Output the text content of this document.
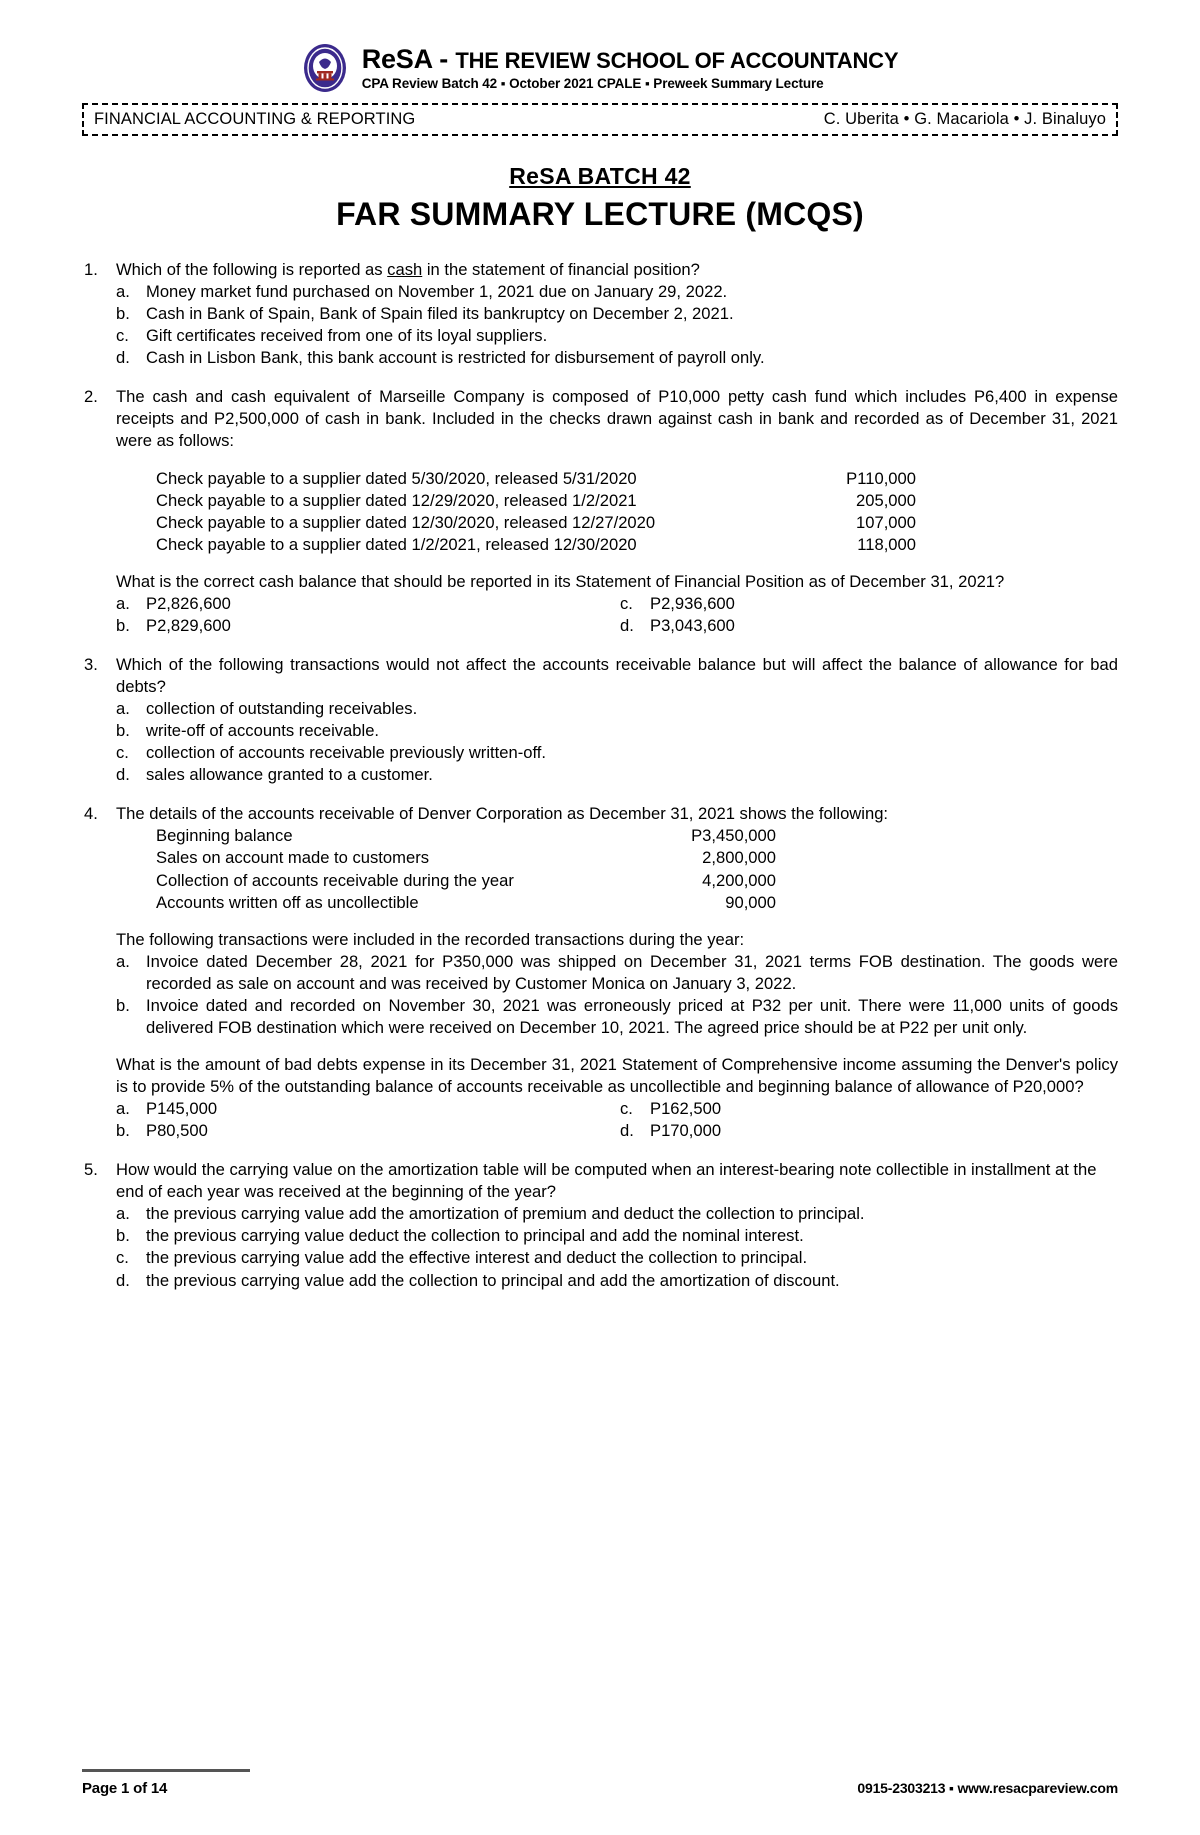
ReSA - THE REVIEW SCHOOL OF ACCOUNTANCY
CPA Review Batch 42 ▪ October 2021 CPALE ▪ Preweek Summary Lecture
FINANCIAL ACCOUNTING & REPORTING	C. Uberita • G. Macariola • J. Binaluyo
ReSA BATCH 42
FAR SUMMARY LECTURE (MCQS)
1.	Which of the following is reported as cash in the statement of financial position?
a. Money market fund purchased on November 1, 2021 due on January 29, 2022.
b. Cash in Bank of Spain, Bank of Spain filed its bankruptcy on December 2, 2021.
c.	Gift certificates received from one of its loyal suppliers.
d. Cash in Lisbon Bank, this bank account is restricted for disbursement of payroll only.
2.	The cash and cash equivalent of Marseille Company is composed of P10,000 petty cash fund which includes P6,400 in expense receipts and P2,500,000 of cash in bank. Included in the checks drawn against cash in bank and recorded as of December 31, 2021 were as follows:
Check payable to a supplier dated 5/30/2020, released 5/31/2020	P110,000
Check payable to a supplier dated 12/29/2020, released 1/2/2021	205,000
Check payable to a supplier dated 12/30/2020, released 12/27/2020	107,000
Check payable to a supplier dated 1/2/2021, released 12/30/2020	118,000
What is the correct cash balance that should be reported in its Statement of Financial Position as of December 31, 2021?
a. P2,826,600	c.	P2,936,600
b. P2,829,600	d. P3,043,600
3.	Which of the following transactions would not affect the accounts receivable balance but will affect the balance of allowance for bad debts?
a. collection of outstanding receivables.
b. write-off of accounts receivable.
c.	collection of accounts receivable previously written-off.
d. sales allowance granted to a customer.
4.	The details of the accounts receivable of Denver Corporation as December 31, 2021 shows the following:
Beginning balance	P3,450,000
Sales on account made to customers	2,800,000
Collection of accounts receivable during the year	4,200,000
Accounts written off as uncollectible	90,000
The following transactions were included in the recorded transactions during the year:
a. Invoice dated December 28, 2021 for P350,000 was shipped on December 31, 2021 terms FOB destination. The goods were recorded as sale on account and was received by Customer Monica on January 3, 2022.
b. Invoice dated and recorded on November 30, 2021 was erroneously priced at P32 per unit. There were 11,000 units of goods delivered FOB destination which were received on December 10, 2021. The agreed price should be at P22 per unit only.
What is the amount of bad debts expense in its December 31, 2021 Statement of Comprehensive income assuming the Denver's policy is to provide 5% of the outstanding balance of accounts receivable as uncollectible and beginning balance of allowance of P20,000?
a. P145,000	c.	P162,500
b. P80,500	d. P170,000
5.	How would the carrying value on the amortization table will be computed when an interest-bearing note collectible in installment at the end of each year was received at the beginning of the year?
a. the previous carrying value add the amortization of premium and deduct the collection to principal.
b. the previous carrying value deduct the collection to principal and add the nominal interest.
c.	the previous carrying value add the effective interest and deduct the collection to principal.
d. the previous carrying value add the collection to principal and add the amortization of discount.
Page 1 of 14	0915-2303213 ▪ www.resacpareview.com
